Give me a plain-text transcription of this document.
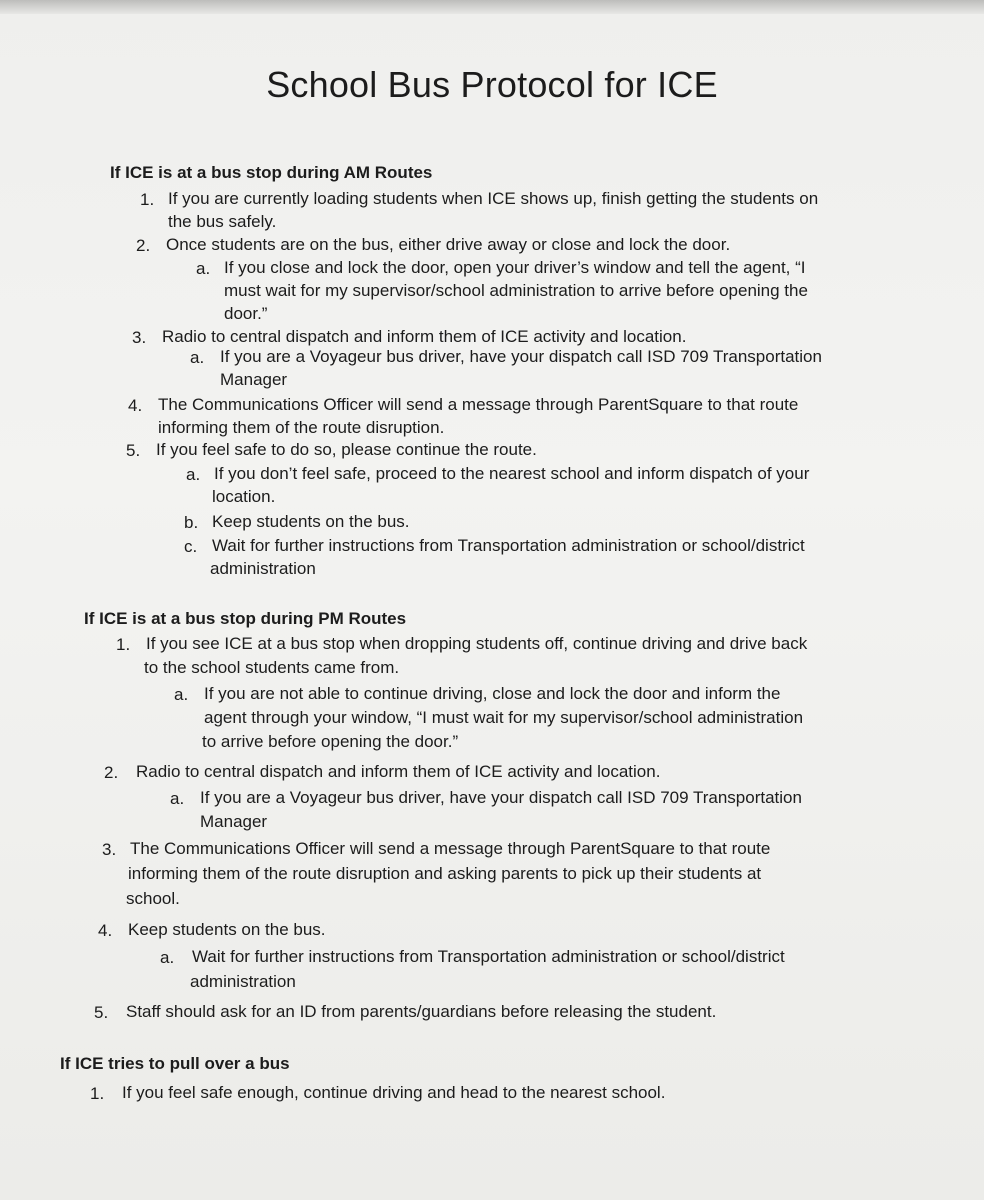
School Bus Protocol for ICE
If ICE is at a bus stop during AM Routes
1. If you are currently loading students when ICE shows up, finish getting the students on
the bus safely.
2. Once students are on the bus, either drive away or close and lock the door.
a. If you close and lock the door, open your driver’s window and tell the agent, “I
must wait for my supervisor/school administration to arrive before opening the
door.”
3. Radio to central dispatch and inform them of ICE activity and location.
a. If you are a Voyageur bus driver, have your dispatch call ISD 709 Transportation
Manager
4. The Communications Officer will send a message through ParentSquare to that route
informing them of the route disruption.
5. If you feel safe to do so, please continue the route.
a. If you don’t feel safe, proceed to the nearest school and inform dispatch of your
location.
b. Keep students on the bus.
c. Wait for further instructions from Transportation administration or school/district
administration
If ICE is at a bus stop during PM Routes
1. If you see ICE at a bus stop when dropping students off, continue driving and drive back
to the school students came from.
a. If you are not able to continue driving, close and lock the door and inform the
agent through your window, “I must wait for my supervisor/school administration
to arrive before opening the door.”
2. Radio to central dispatch and inform them of ICE activity and location.
a. If you are a Voyageur bus driver, have your dispatch call ISD 709 Transportation
Manager
3. The Communications Officer will send a message through ParentSquare to that route
informing them of the route disruption and asking parents to pick up their students at
school.
4. Keep students on the bus.
a. Wait for further instructions from Transportation administration or school/district
administration
5. Staff should ask for an ID from parents/guardians before releasing the student.
If ICE tries to pull over a bus
1. If you feel safe enough, continue driving and head to the nearest school.
